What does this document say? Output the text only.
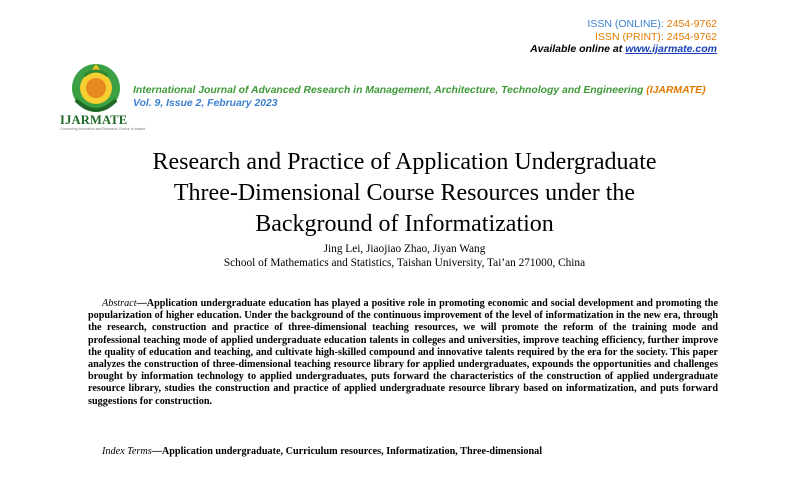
ISSN (ONLINE): 2454-9762
ISSN (PRINT): 2454-9762
Available online at www.ijarmate.com
IJARMATE
Connecting innovation and Research. Evolve to Impact
International Journal of Advanced Research in Management, Architecture, Technology and Engineering (IJARMATE)
Vol. 9, Issue 2, February 2023
Research and Practice of Application Undergraduate
Three-Dimensional Course Resources under the
Background of Informatization
Jing Lei, Jiaojiao Zhao, Jiyan Wang
School of Mathematics and Statistics, Taishan University, Tai’an 271000, China
Abstract—Application undergraduate education has played a positive role in promoting economic and social development and promoting the popularization of higher education. Under the background of the continuous improvement of the level of informatization in the new era, through the research, construction and practice of three-dimensional teaching resources, we will promote the reform of the training mode and professional teaching mode of applied undergraduate education talents in colleges and universities, improve teaching efficiency, further improve the quality of education and teaching, and cultivate high-skilled compound and innovative talents required by the era for the society. This paper analyzes the construction of three-dimensional teaching resource library for applied undergraduates, expounds the opportunities and challenges brought by information technology to applied undergraduates, puts forward the characteristics of the construction of applied undergraduate resource library, studies the construction and practice of applied undergraduate resource library based on informatization, and puts forward suggestions for construction.
Index Terms—Application undergraduate, Curriculum resources, Informatization, Three-dimensional
